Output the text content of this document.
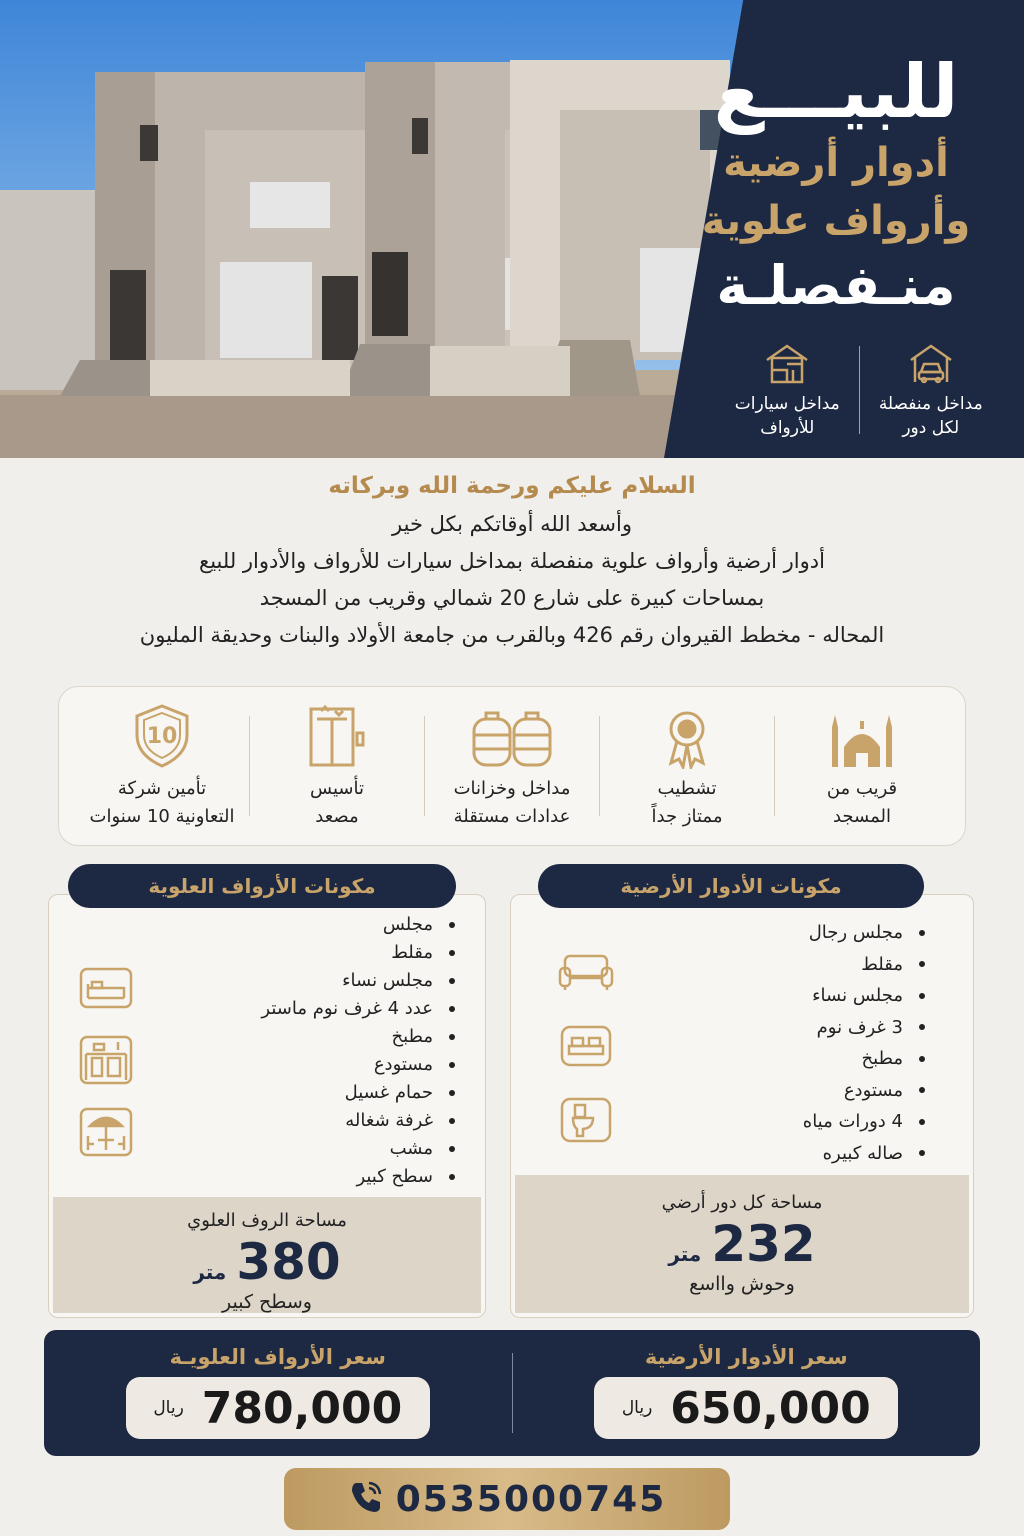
للبيـــع
أدوار أرضية
وأرواف علوية
منـفصلـة
مداخل منفصلة
لكل دور
مداخل سيارات
للأرواف
السلام عليكم ورحمة الله وبركاته
وأسعد الله أوقاتكم بكل خير
أدوار أرضية وأرواف علوية منفصلة بمداخل سيارات للأرواف والأدوار للبيع
بمساحات كبيرة على شارع 20 شمالي وقريب من المسجد
المحاله - مخطط القيروان رقم 426 وبالقرب من جامعة الأولاد والبنات وحديقة المليون
قريب من
المسجد
تشطيب
ممتاز جداً
مداخل وخزانات
عدادات مستقلة
تأسيس
مصعد
10
تأمين شركة
التعاونية 10 سنوات
مجلس رجال
مقلط
مجلس نساء
3 غرف نوم
مطبخ
مستودع
4 دورات مياه
صاله كبيره
مساحة كل دور أرضي
232
متر
وحوش وااسع
مكونات الأدوار الأرضية
مجلس
مقلط
مجلس نساء
عدد 4 غرف نوم ماستر
مطبخ
مستودع
حمام غسيل
غرفة شغاله
مشب
سطح كبير
مساحة الروف العلوي
380
متر
وسطح كبير
مكونات الأرواف العلوية
سعر الأدوار الأرضية
650,000
ريال
سعر الأرواف العلويـة
780,000
ريال
0535000745
